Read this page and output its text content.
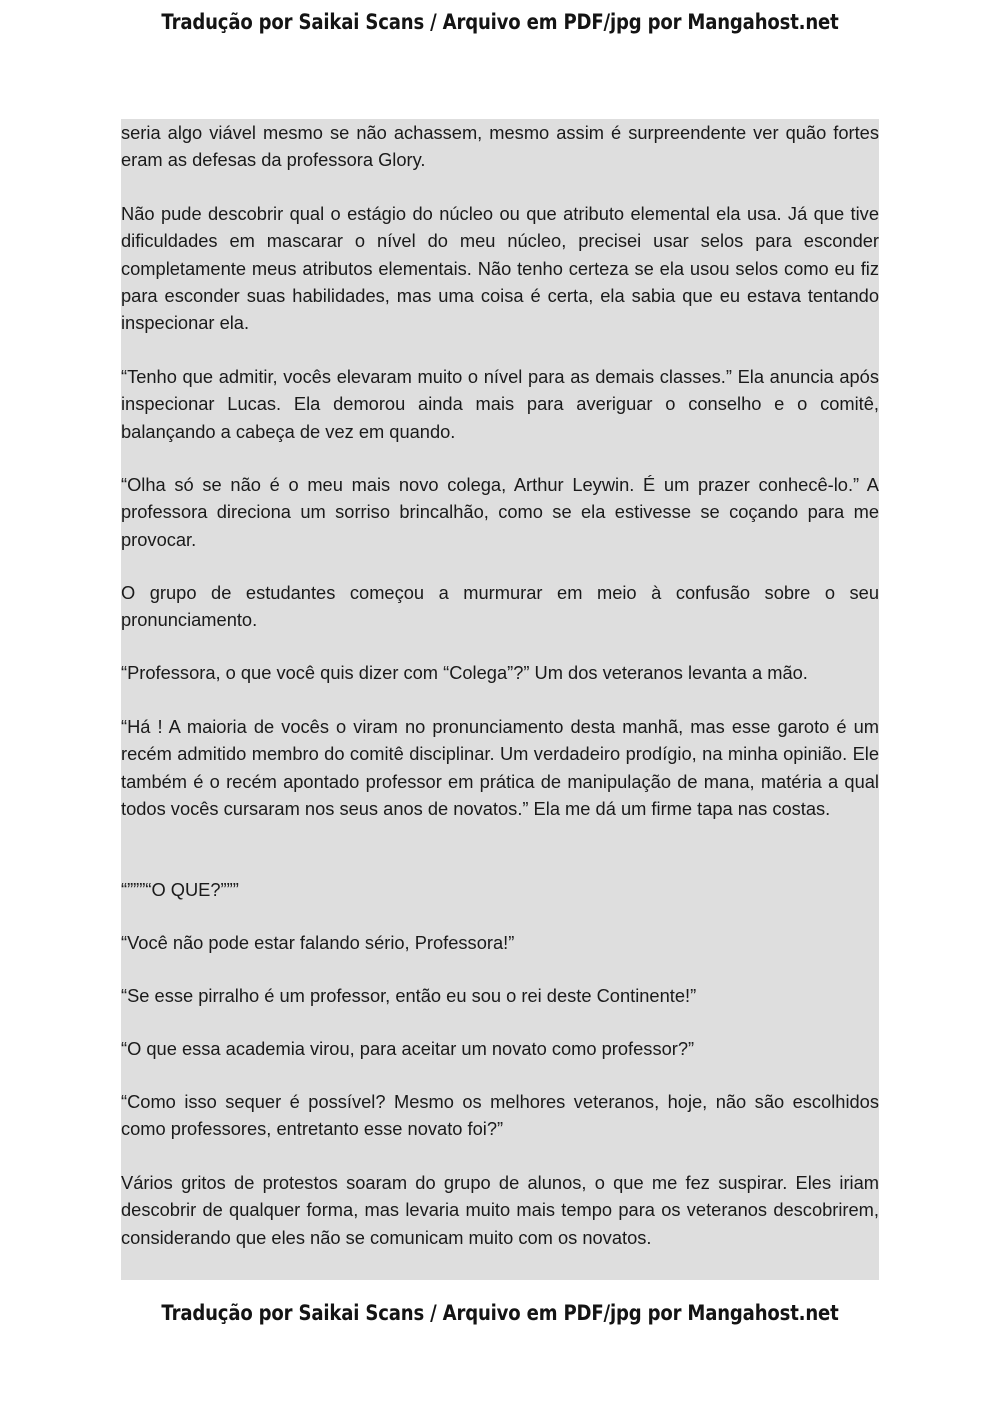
Tradução por Saikai Scans / Arquivo em PDF/jpg por Mangahost.net

seria algo viável mesmo se não achassem, mesmo assim é surpreendente ver quão fortes eram as defesas da professora Glory.

Não pude descobrir qual o estágio do núcleo ou que atributo elemental ela usa. Já que tive dificuldades em mascarar o nível do meu núcleo, precisei usar selos para esconder completamente meus atributos elementais. Não tenho certeza se ela usou selos como eu fiz para esconder suas habilidades, mas uma coisa é certa, ela sabia que eu estava tentando inspecionar ela.

“Tenho que admitir, vocês elevaram muito o nível para as demais classes.” Ela anuncia após inspecionar Lucas. Ela demorou ainda mais para averiguar o conselho e o comitê, balançando a cabeça de vez em quando.

“Olha só se não é o meu mais novo colega, Arthur Leywin. É um prazer conhecê-lo.” A professora direciona um sorriso brincalhão, como se ela estivesse se coçando para me provocar.

O grupo de estudantes começou a murmurar em meio à confusão sobre o seu pronunciamento.

“Professora, o que você quis dizer com “Colega”?” Um dos veteranos levanta a mão.

“Há ! A maioria de vocês o viram no pronunciamento desta manhã, mas esse garoto é um recém admitido membro do comitê disciplinar. Um verdadeiro prodígio, na minha opinião. Ele também é o recém apontado professor em prática de manipulação de mana, matéria a qual todos vocês cursaram nos seus anos de novatos.” Ela me dá um firme tapa nas costas.

“”””“O QUE?”””

“Você não pode estar falando sério, Professora!”

“Se esse pirralho é um professor, então eu sou o rei deste Continente!”

“O que essa academia virou, para aceitar um novato como professor?”

“Como isso sequer é possível? Mesmo os melhores veteranos, hoje, não são escolhidos como professores, entretanto esse novato foi?”

Vários gritos de protestos soaram do grupo de alunos, o que me fez suspirar. Eles iriam descobrir de qualquer forma, mas levaria muito mais tempo para os veteranos descobrirem, considerando que eles não se comunicam muito com os novatos.

Tradução por Saikai Scans / Arquivo em PDF/jpg por Mangahost.net
